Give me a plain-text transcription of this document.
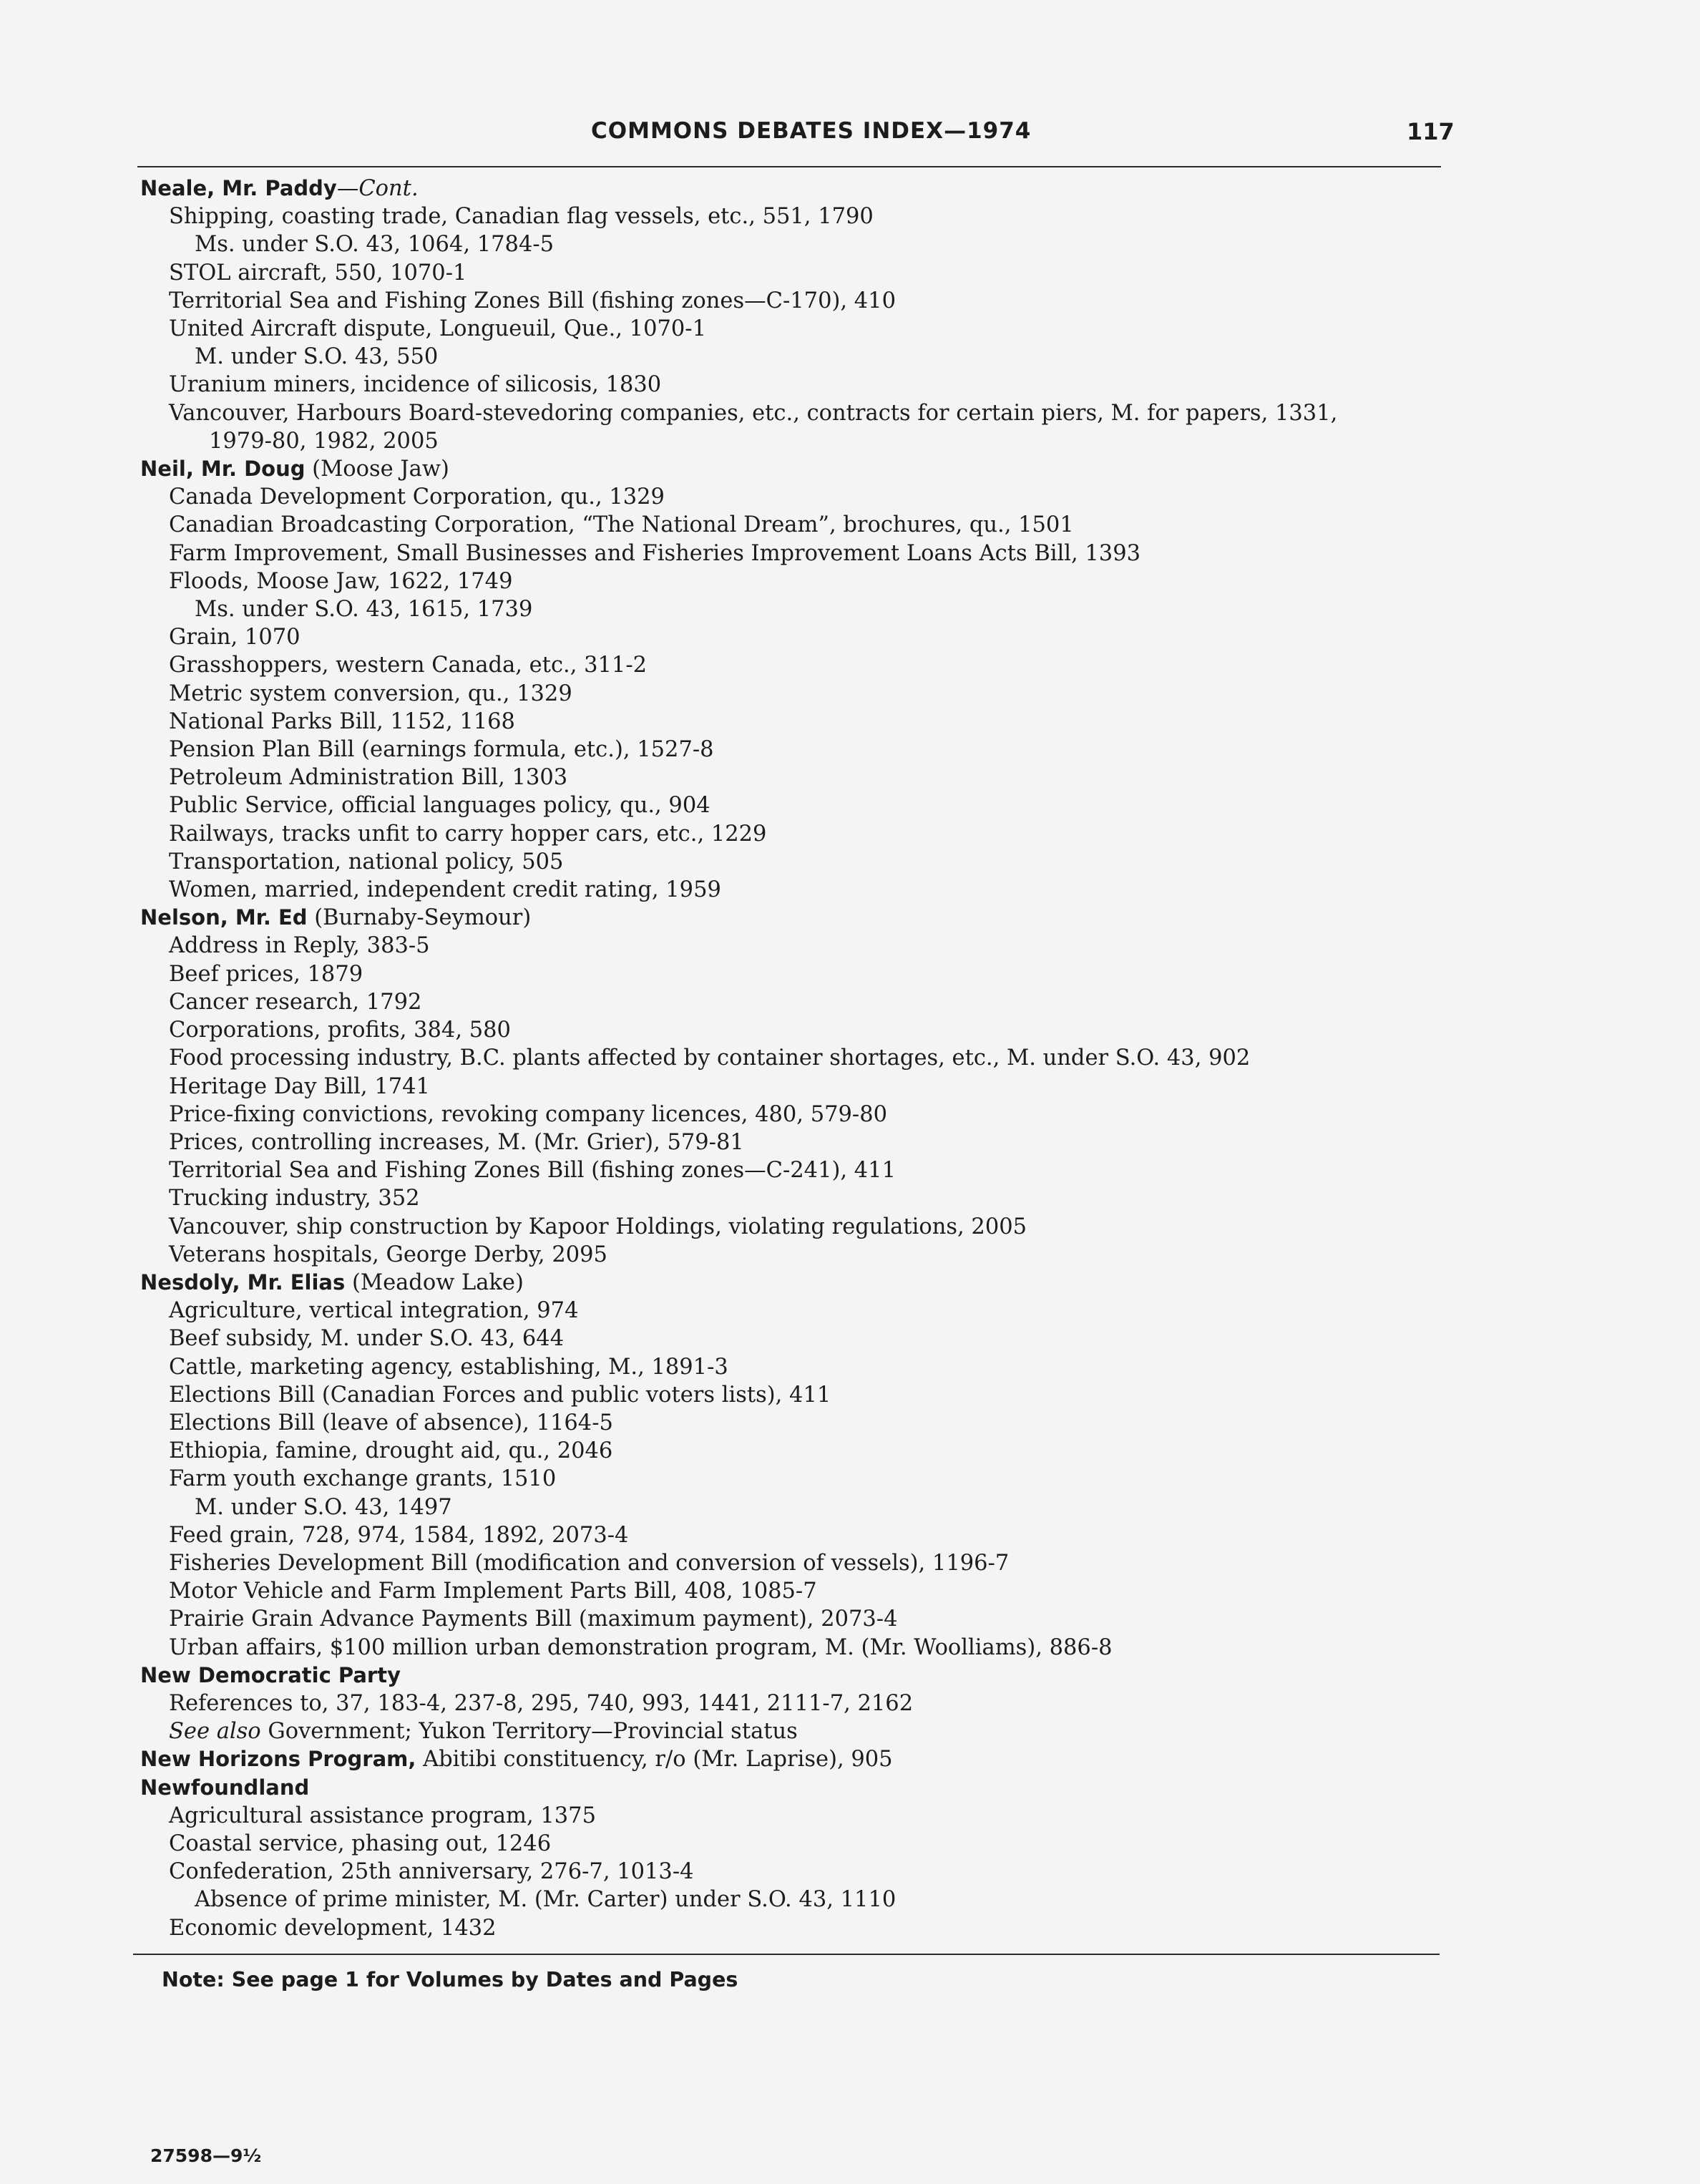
COMMONS DEBATES INDEX—1974	117
Neale, Mr. Paddy—Cont.
Shipping, coasting trade, Canadian flag vessels, etc., 551, 1790
Ms. under S.O. 43, 1064, 1784-5
STOL aircraft, 550, 1070-1
Territorial Sea and Fishing Zones Bill (fishing zones—C-170), 410
United Aircraft dispute, Longueuil, Que., 1070-1
M. under S.O. 43, 550
Uranium miners, incidence of silicosis, 1830
Vancouver, Harbours Board-stevedoring companies, etc., contracts for certain piers, M. for papers, 1331,
1979-80, 1982, 2005
Neil, Mr. Doug (Moose Jaw)
Canada Development Corporation, qu., 1329
Canadian Broadcasting Corporation, “The National Dream”, brochures, qu., 1501
Farm Improvement, Small Businesses and Fisheries Improvement Loans Acts Bill, 1393
Floods, Moose Jaw, 1622, 1749
Ms. under S.O. 43, 1615, 1739
Grain, 1070
Grasshoppers, western Canada, etc., 311-2
Metric system conversion, qu., 1329
National Parks Bill, 1152, 1168
Pension Plan Bill (earnings formula, etc.), 1527-8
Petroleum Administration Bill, 1303
Public Service, official languages policy, qu., 904
Railways, tracks unfit to carry hopper cars, etc., 1229
Transportation, national policy, 505
Women, married, independent credit rating, 1959
Nelson, Mr. Ed (Burnaby-Seymour)
Address in Reply, 383-5
Beef prices, 1879
Cancer research, 1792
Corporations, profits, 384, 580
Food processing industry, B.C. plants affected by container shortages, etc., M. under S.O. 43, 902
Heritage Day Bill, 1741
Price-fixing convictions, revoking company licences, 480, 579-80
Prices, controlling increases, M. (Mr. Grier), 579-81
Territorial Sea and Fishing Zones Bill (fishing zones—C-241), 411
Trucking industry, 352
Vancouver, ship construction by Kapoor Holdings, violating regulations, 2005
Veterans hospitals, George Derby, 2095
Nesdoly, Mr. Elias (Meadow Lake)
Agriculture, vertical integration, 974
Beef subsidy, M. under S.O. 43, 644
Cattle, marketing agency, establishing, M., 1891-3
Elections Bill (Canadian Forces and public voters lists), 411
Elections Bill (leave of absence), 1164-5
Ethiopia, famine, drought aid, qu., 2046
Farm youth exchange grants, 1510
M. under S.O. 43, 1497
Feed grain, 728, 974, 1584, 1892, 2073-4
Fisheries Development Bill (modification and conversion of vessels), 1196-7
Motor Vehicle and Farm Implement Parts Bill, 408, 1085-7
Prairie Grain Advance Payments Bill (maximum payment), 2073-4
Urban affairs, $100 million urban demonstration program, M. (Mr. Woolliams), 886-8
New Democratic Party
References to, 37, 183-4, 237-8, 295, 740, 993, 1441, 2111-7, 2162
See also Government; Yukon Territory—Provincial status
New Horizons Program, Abitibi constituency, r/o (Mr. Laprise), 905
Newfoundland
Agricultural assistance program, 1375
Coastal service, phasing out, 1246
Confederation, 25th anniversary, 276-7, 1013-4
Absence of prime minister, M. (Mr. Carter) under S.O. 43, 1110
Economic development, 1432
Note: See page 1 for Volumes by Dates and Pages
27598—9½
